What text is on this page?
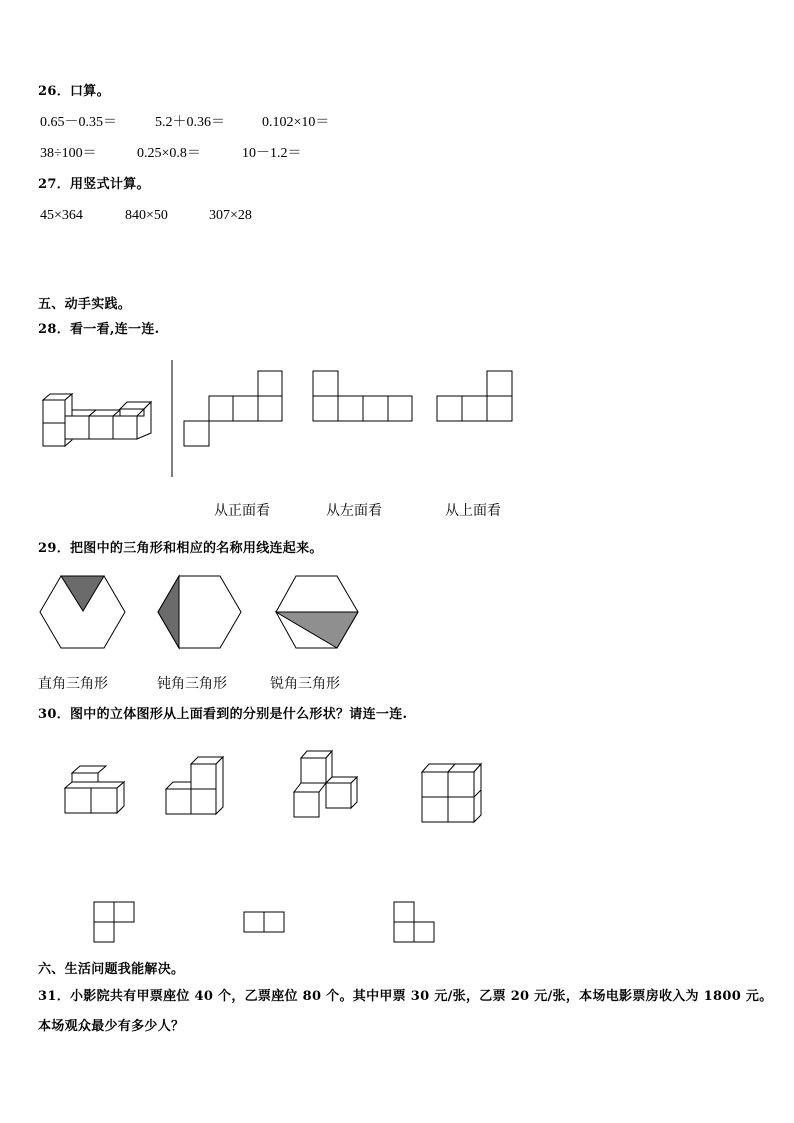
26．口算。
0.65－0.35＝	5.2＋0.36＝	0.102×10＝
38÷100＝	0.25×0.8＝	10－1.2＝
27．用竖式计算。
45×364	840×50	307×28
五、动手实践。
28．看一看,连一连.
从正面看	从左面看	从上面看
29．把图中的三角形和相应的名称用线连起来。
直角三角形	钝角三角形	锐角三角形
30．图中的立体图形从上面看到的分别是什么形状？请连一连.
六、生活问题我能解决。
31．小影院共有甲票座位 40 个，乙票座位 80 个。其中甲票 30 元/张，乙票 20 元/张，本场电影票房收入为 1800 元。
本场观众最少有多少人？
